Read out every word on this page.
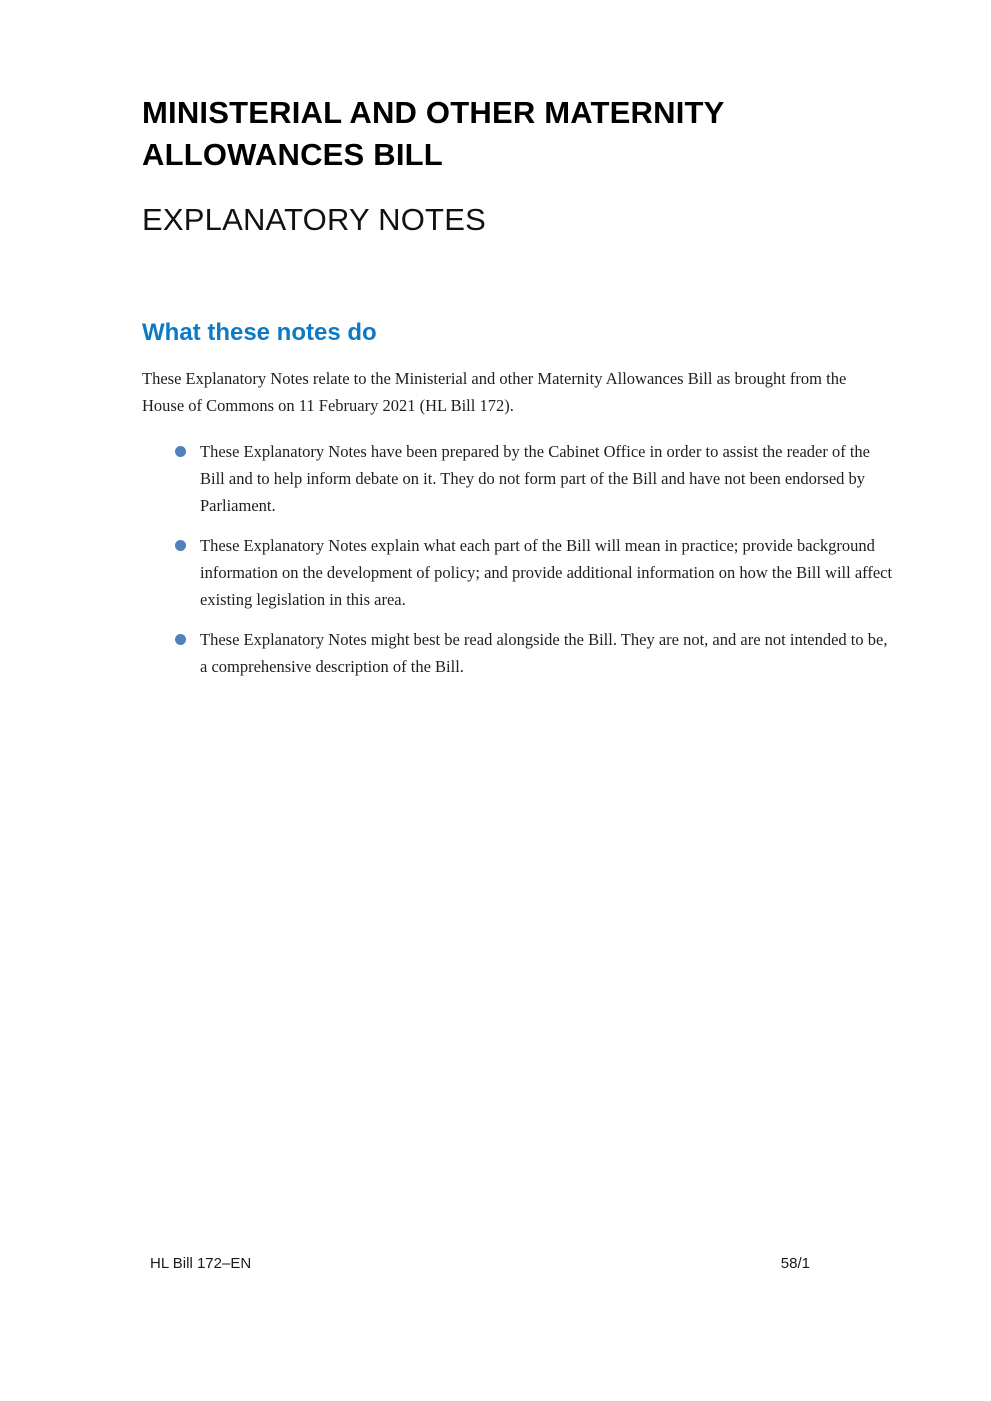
MINISTERIAL AND OTHER MATERNITY ALLOWANCES BILL
EXPLANATORY NOTES
What these notes do

These Explanatory Notes relate to the Ministerial and other Maternity Allowances Bill as brought from the House of Commons on 11 February 2021 (HL Bill 172).

These Explanatory Notes have been prepared by the Cabinet Office in order to assist the reader of the Bill and to help inform debate on it. They do not form part of the Bill and have not been endorsed by Parliament.
These Explanatory Notes explain what each part of the Bill will mean in practice; provide background information on the development of policy; and provide additional information on how the Bill will affect existing legislation in this area.
These Explanatory Notes might best be read alongside the Bill. They are not, and are not intended to be, a comprehensive description of the Bill.
HL Bill 172–EN	58/1
